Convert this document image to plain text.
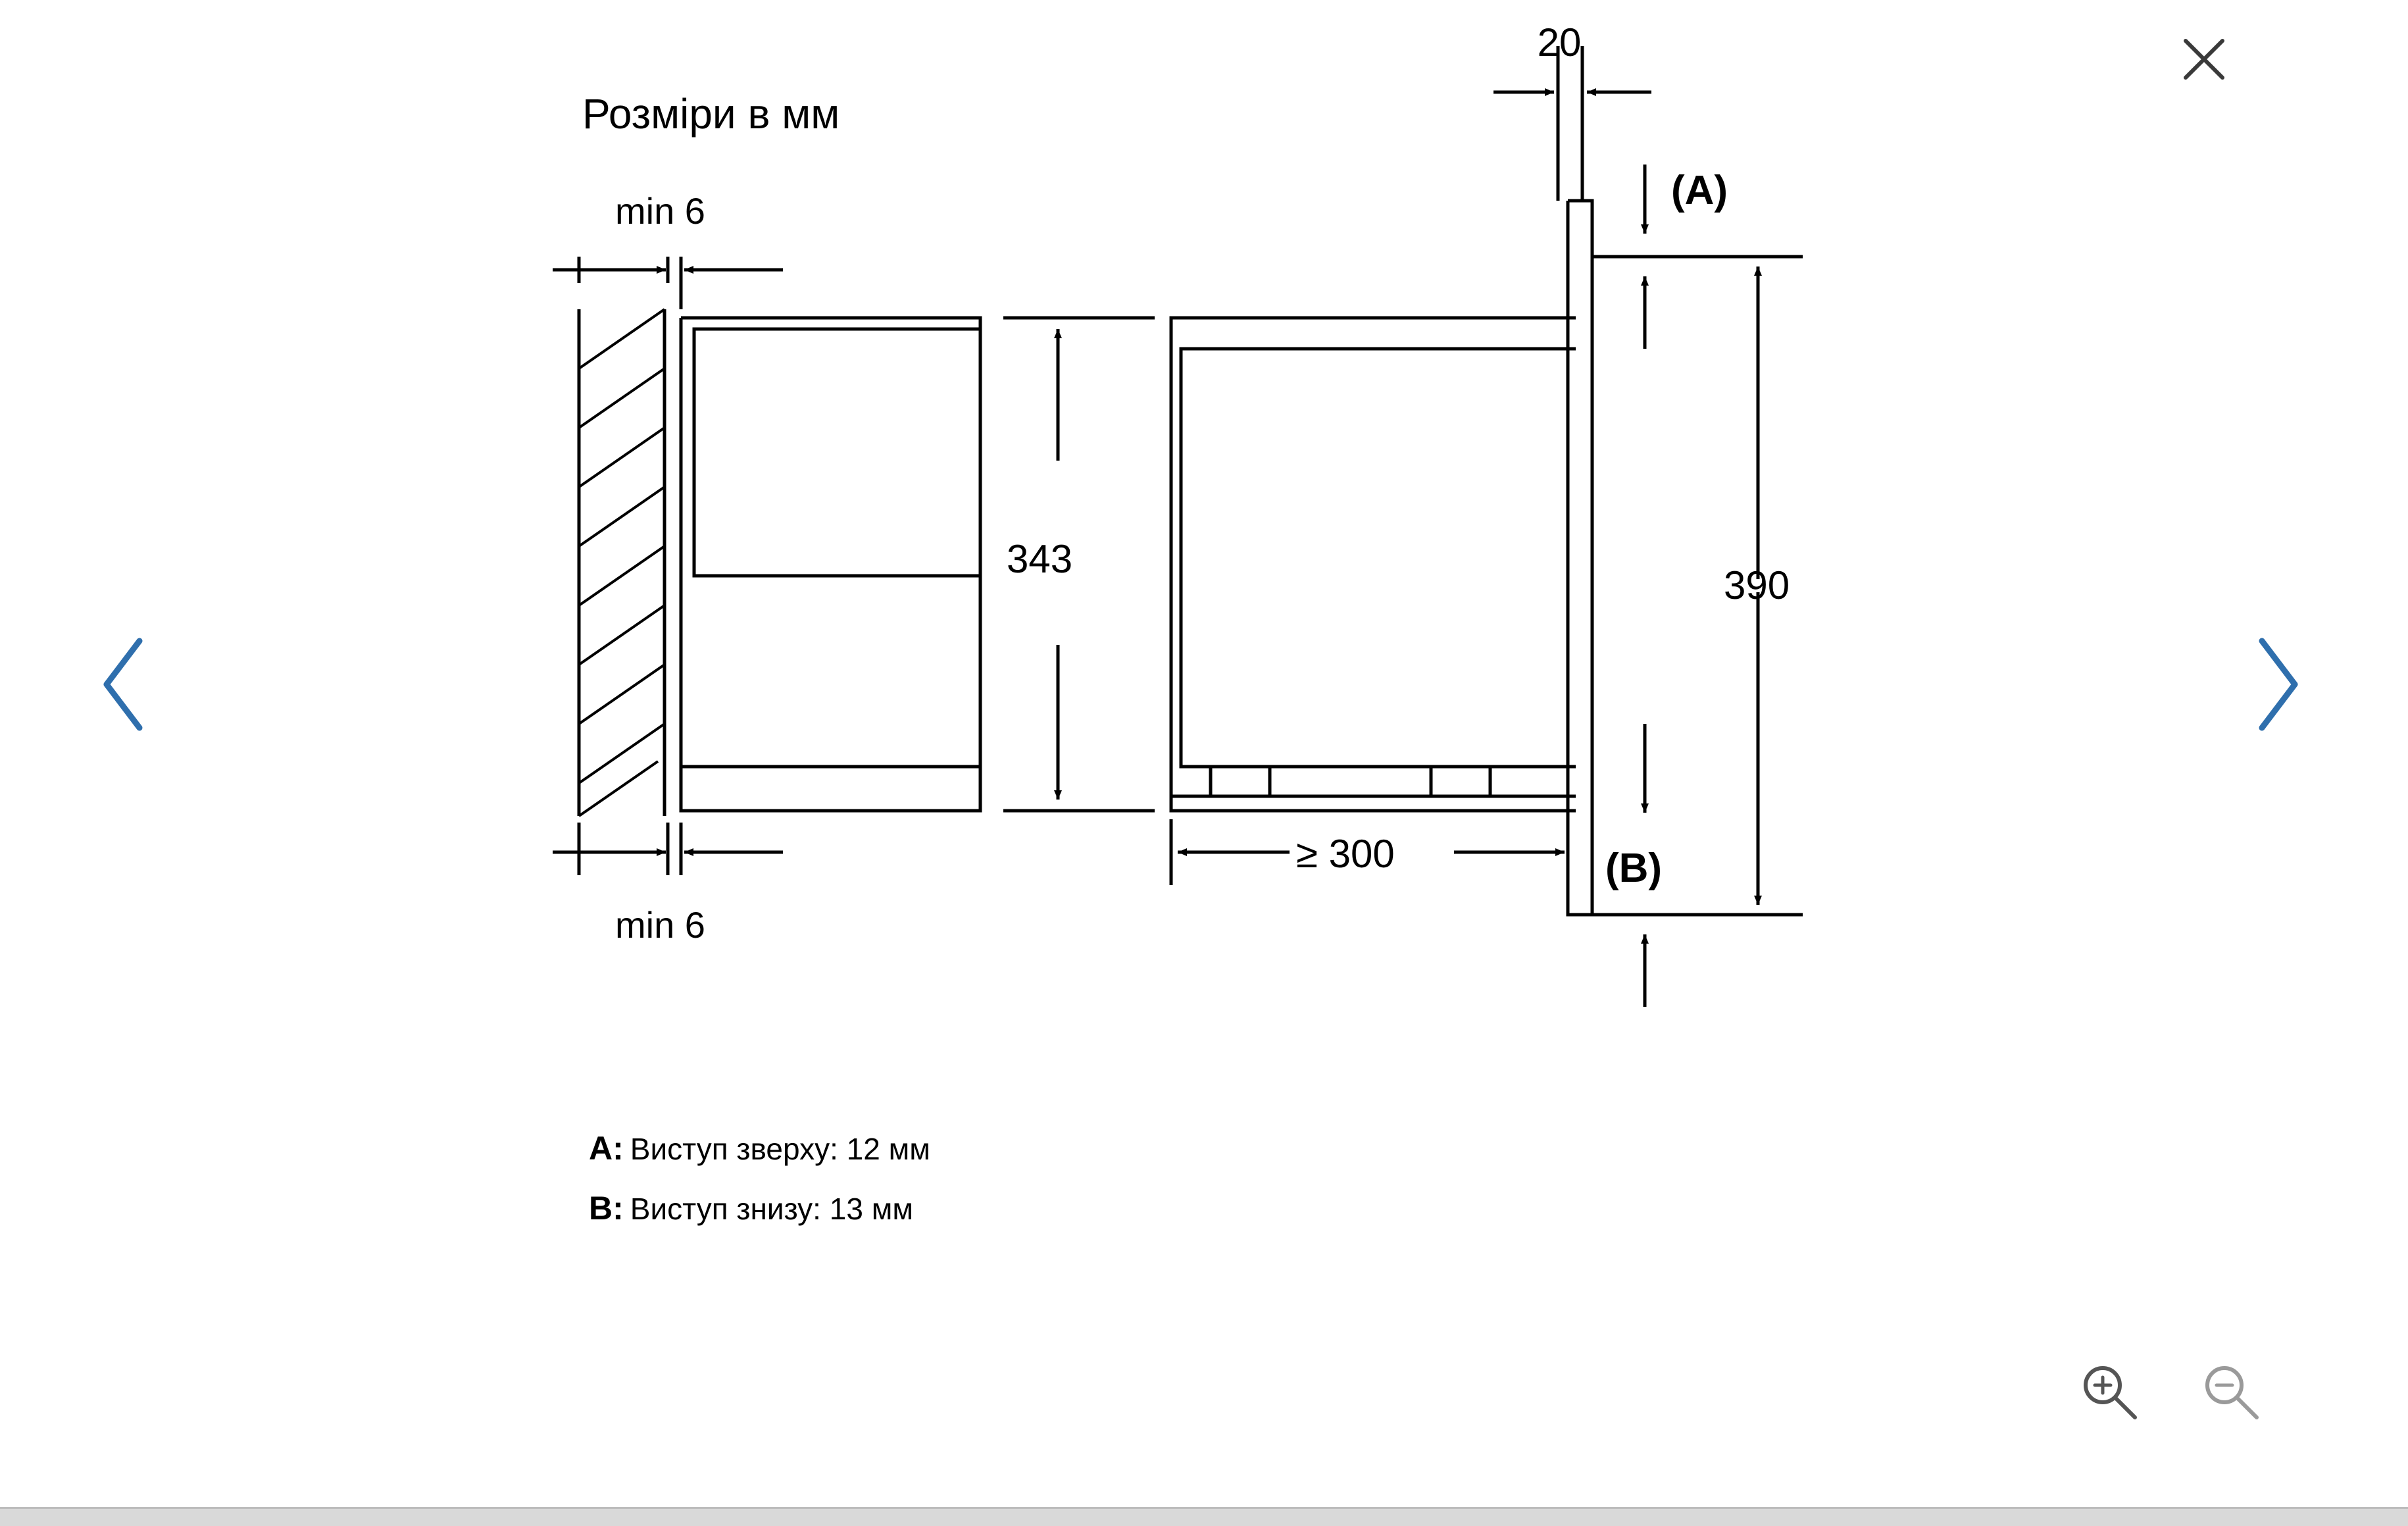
Розміри в мм
min 6
min 6
343
≥ 300
20
390
(A)
(B)
A: Виступ зверху: 12 мм
B: Виступ знизу: 13 мм
